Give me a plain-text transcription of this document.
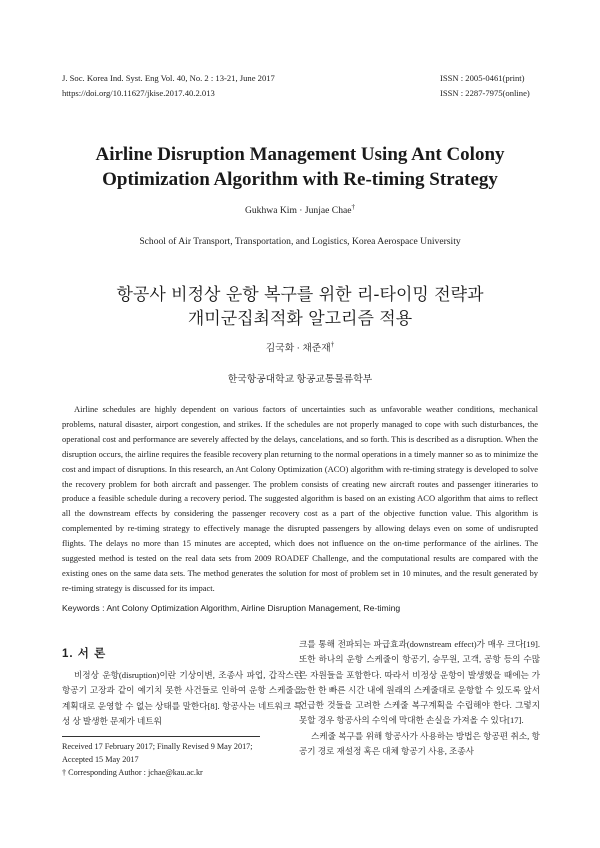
J. Soc. Korea Ind. Syst. Eng Vol. 40, No. 2 : 13-21, June 2017
https://doi.org/10.11627/jkise.2017.40.2.013
ISSN : 2005-0461(print)
ISSN : 2287-7975(online)
Airline Disruption Management Using Ant Colony
Optimization Algorithm with Re-timing Strategy
Gukhwa Kim · Junjae Chae†
School of Air Transport, Transportation, and Logistics, Korea Aerospace University
항공사 비정상 운항 복구를 위한 리-타이밍 전략과
개미군집최적화 알고리즘 적용
김국화 · 채준재†
한국항공대학교 항공교통물류학부

Airline schedules are highly dependent on various factors of uncertainties such as unfavorable weather conditions, mechanical problems, natural disaster, airport congestion, and strikes. If the schedules are not properly managed to cope with such disturbances, the operational cost and performance are severely affected by the delays, cancelations, and so forth. This is described as a disruption. When the disruption occurs, the airline requires the feasible recovery plan returning to the normal operations in a timely manner so as to minimize the cost and impact of disruptions. In this research, an Ant Colony Optimization (ACO) algorithm with re-timing strategy is developed to solve the recovery problem for both aircraft and passenger. The problem consists of creating new aircraft routes and passenger itineraries to produce a feasible schedule during a recovery period. The suggested algorithm is based on an existing ACO algorithm that aims to reflect all the downstream effects by considering the passenger recovery cost as a part of the objective function value. This algorithm is complemented by re-timing strategy to effectively manage the disrupted passengers by allowing delays even on some of undisrupted flights. The delays no more than 15 minutes are accepted, which does not influence on the on-time performance of the airlines. The suggested method is tested on the real data sets from 2009 ROADEF Challenge, and the computational results are compared with the existing ones on the same data sets. The method generates the solution for most of problem set in 10 minutes, and the result generated by re-timing strategy is discussed for its impact.

Keywords : Ant Colony Optimization Algorithm, Airline Disruption Management, Re-timing

1. 서 론

비정상 운항(disruption)이란 기상이변, 조종사 파업, 갑작스런 항공기 고장과 같이 예기치 못한 사건들로 인하여 운항 스케줄을 계획대로 운영할 수 없는 상태를 말한다[8]. 항공사는 네트워크 특성 상 발생한 문제가 네트워

Received 17 February 2017; Finally Revised 9 May 2017;
Accepted 15 May 2017
† Corresponding Author : jchae@kau.ac.kr

크를 통해 전파되는 파급효과(downstream effect)가 매우 크다[19]. 또한 하나의 운항 스케줄이 항공기, 승무원, 고객, 공항 등의 수많은 자원들을 포함한다. 따라서 비정상 운항이 발생했을 때에는 가능한 한 빠른 시간 내에 원래의 스케줄대로 운항할 수 있도록 앞서 언급한 것들을 고려한 스케줄 복구계획을 수립해야 한다. 그렇지 못할 경우 항공사의 수익에 막대한 손실을 가져올 수 있다[17].

스케줄 복구를 위해 항공사가 사용하는 방법은 항공편 취소, 항공기 경로 재설정 혹은 대체 항공기 사용, 조종사
